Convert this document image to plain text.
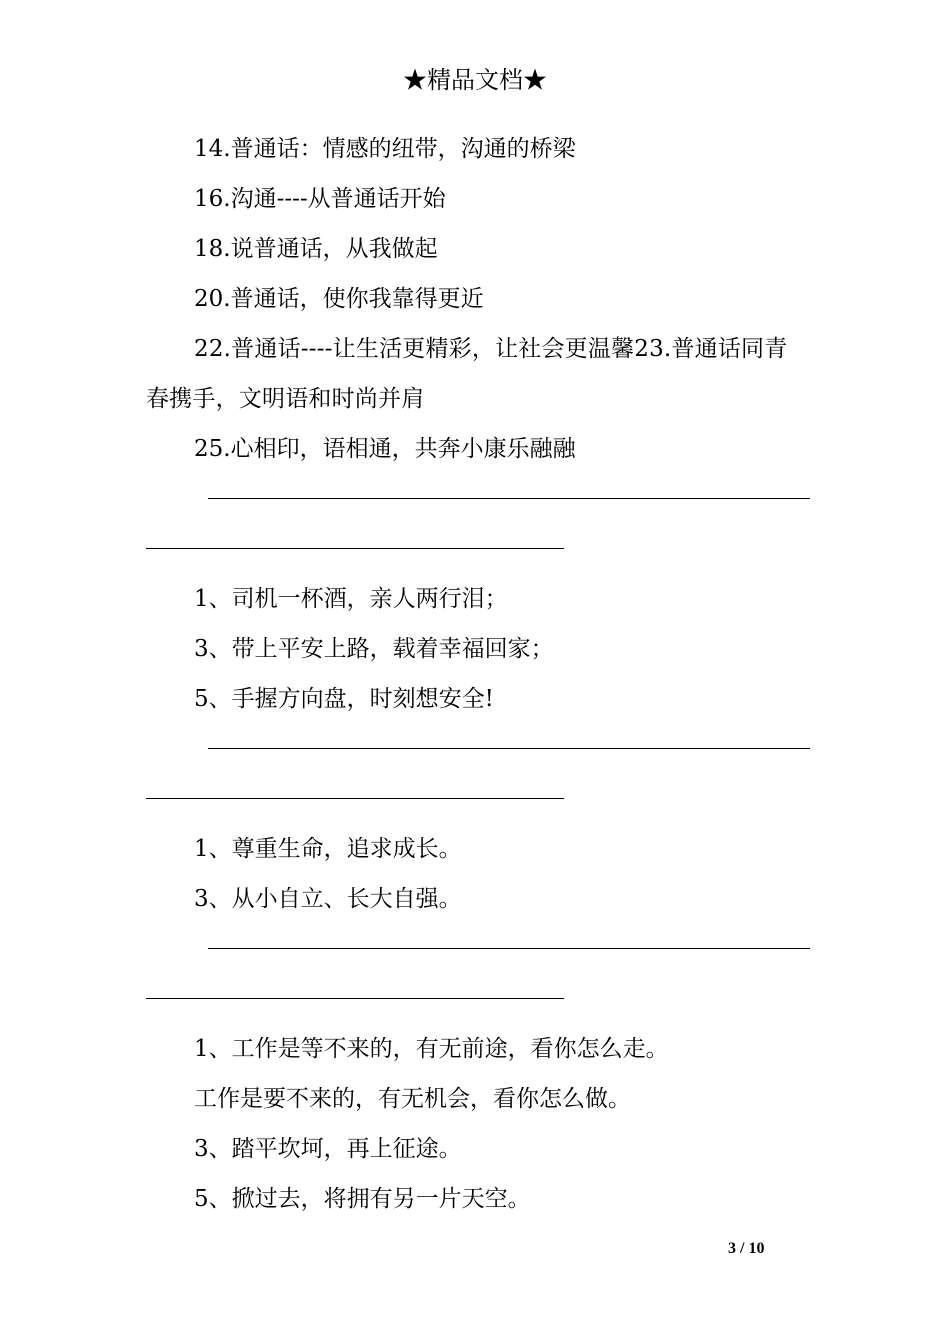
★精品文档★
14.普通话：情感的纽带，沟通的桥梁
16.沟通----从普通话开始
18.说普通话，从我做起
20.普通话，使你我靠得更近
22.普通话----让生活更精彩，让社会更温馨23.普通话同青春携手，文明语和时尚并肩
25.心相印，语相通，共奔小康乐融融
1、司机一杯酒，亲人两行泪；
3、带上平安上路，载着幸福回家；
5、手握方向盘，时刻想安全!
1、尊重生命，追求成长。
3、从小自立、长大自强。
1、工作是等不来的，有无前途，看你怎么走。
工作是要不来的，有无机会，看你怎么做。
3、踏平坎坷，再上征途。
5、掀过去，将拥有另一片天空。
3 / 10
